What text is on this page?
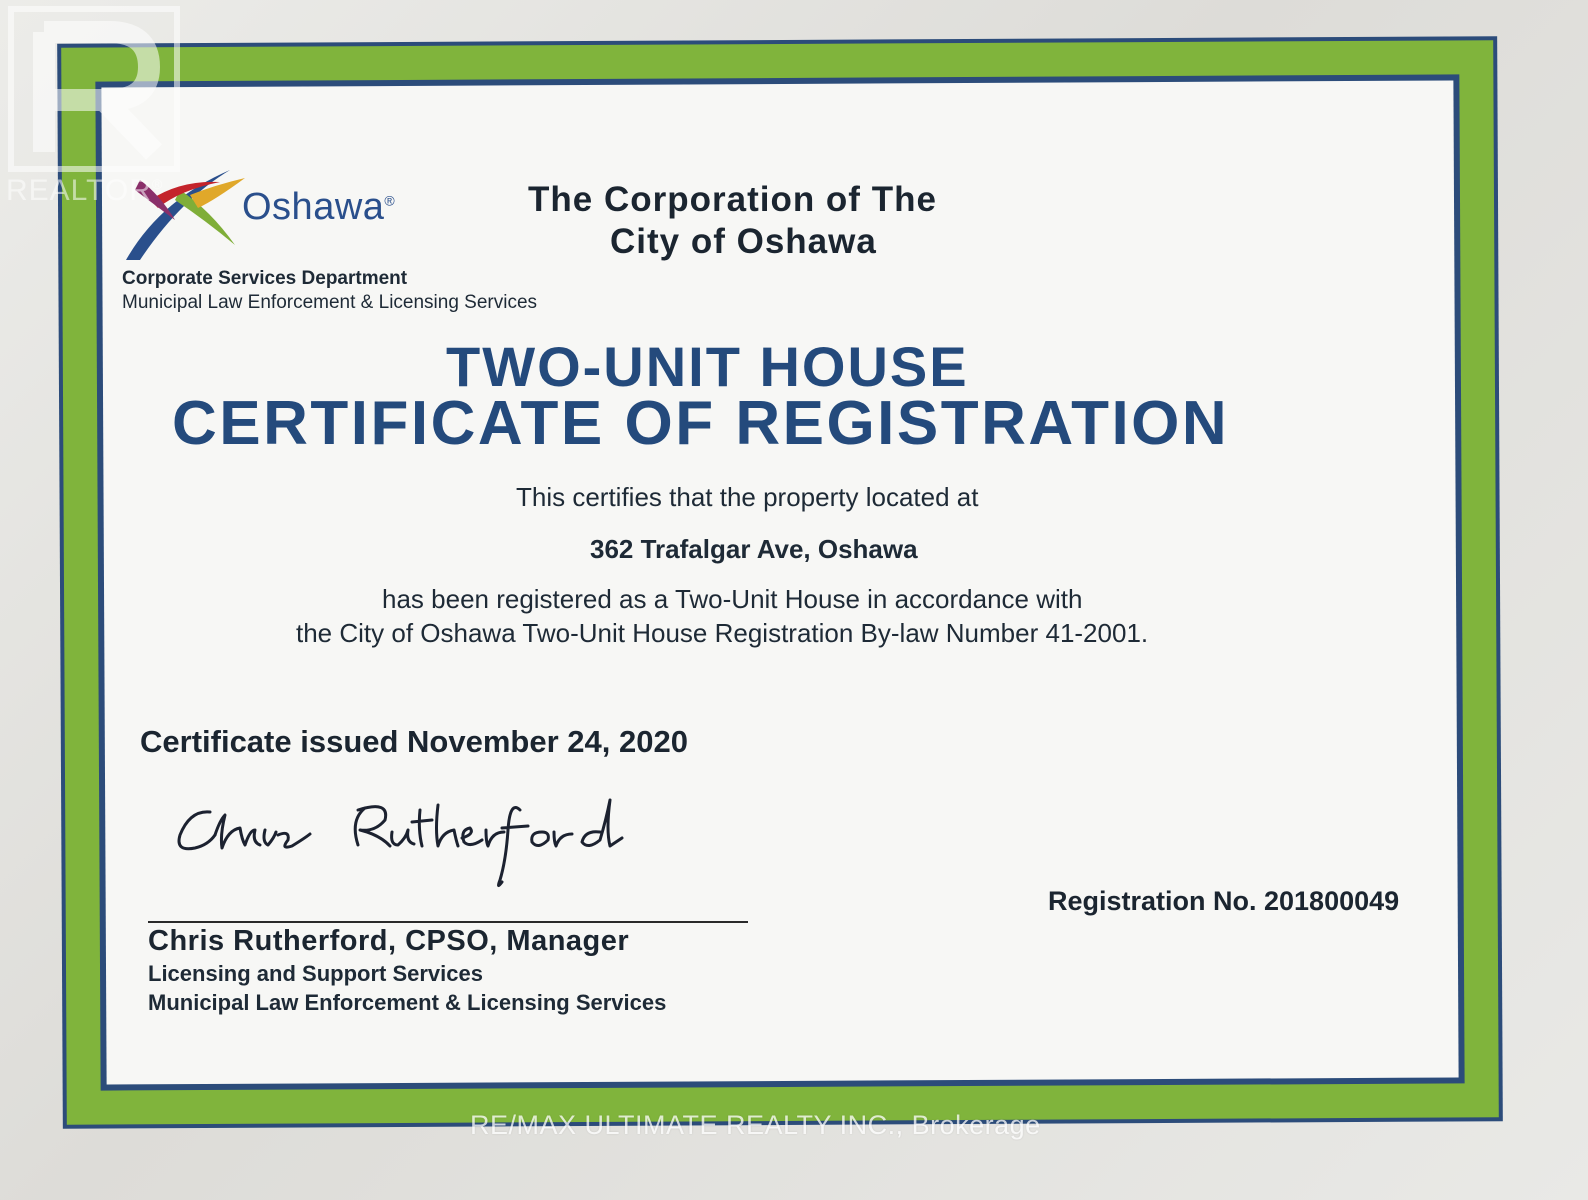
Oshawa®
Corporate Services Department
Municipal Law Enforcement & Licensing Services
The Corporation of The
City of Oshawa
TWO-UNIT HOUSE
CERTIFICATE OF REGISTRATION
This certifies that the property located at
362 Trafalgar Ave, Oshawa
has been registered as a Two-Unit House in accordance with
the City of Oshawa Two-Unit House Registration By-law Number 41-2001.
Certificate issued November 24, 2020
Chris Rutherford, CPSO, Manager
Licensing and Support Services
Municipal Law Enforcement & Licensing Services
Registration No. 201800049
REALTOR®
RE/MAX ULTIMATE REALTY INC., Brokerage
